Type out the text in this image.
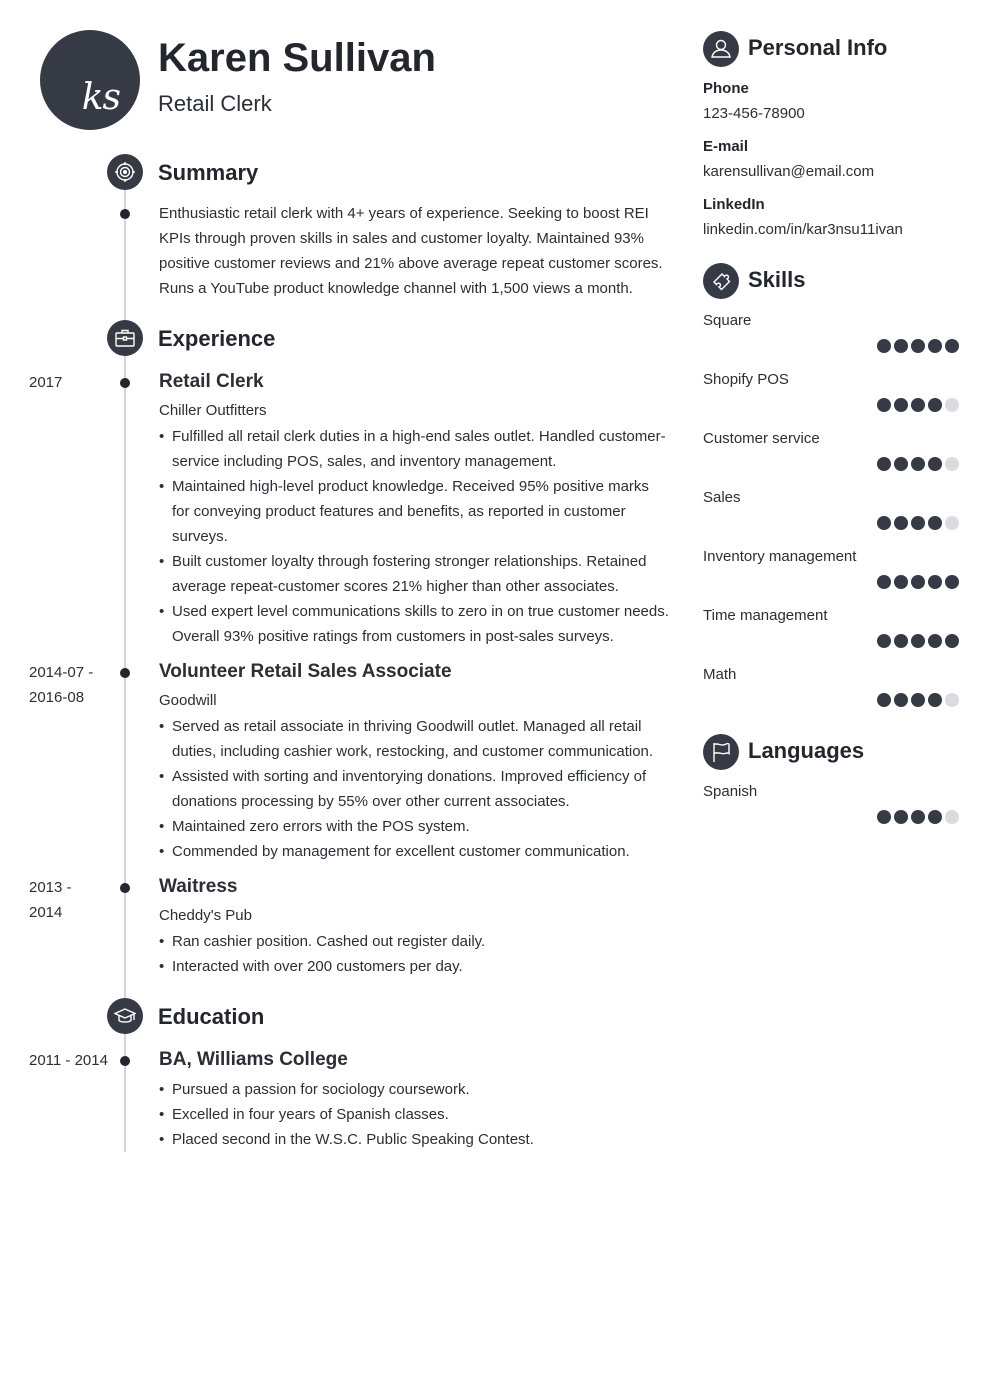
ks
Karen Sullivan
Retail Clerk
Summary
Enthusiastic retail clerk with 4+ years of experience. Seeking to boost REI KPIs through proven skills in sales and customer loyalty. Maintained 93% positive customer reviews and 21% above average repeat customer scores. Runs a YouTube product knowledge channel with 1,500 views a month.
Experience
2017	Retail Clerk
Chiller Outfitters
• Fulfilled all retail clerk duties in a high-end sales outlet. Handled customer-service including POS, sales, and inventory management.
• Maintained high-level product knowledge. Received 95% positive marks for conveying product features and benefits, as reported in customer surveys.
• Built customer loyalty through fostering stronger relationships. Retained average repeat-customer scores 21% higher than other associates.
• Used expert level communications skills to zero in on true customer needs. Overall 93% positive ratings from customers in post-sales surveys.
2014-07 - 2016-08
Volunteer Retail Sales Associate
Goodwill
• Served as retail associate in thriving Goodwill outlet. Managed all retail duties, including cashier work, restocking, and customer communication.
• Assisted with sorting and inventorying donations. Improved efficiency of donations processing by 55% over other current associates.
• Maintained zero errors with the POS system.
• Commended by management for excellent customer communication.
2013 - 2014
Waitress
Cheddy's Pub
• Ran cashier position. Cashed out register daily.
• Interacted with over 200 customers per day.
Education
2011 - 2014	BA, Williams College
• Pursued a passion for sociology coursework.
• Excelled in four years of Spanish classes.
• Placed second in the W.S.C. Public Speaking Contest.
Personal Info
Phone
123-456-78900
E-mail
karensullivan@email.com
LinkedIn
linkedin.com/in/kar3nsu11ivan
Skills
Square
Shopify POS
Customer service
Sales
Inventory management
Time management
Math
Languages
Spanish
